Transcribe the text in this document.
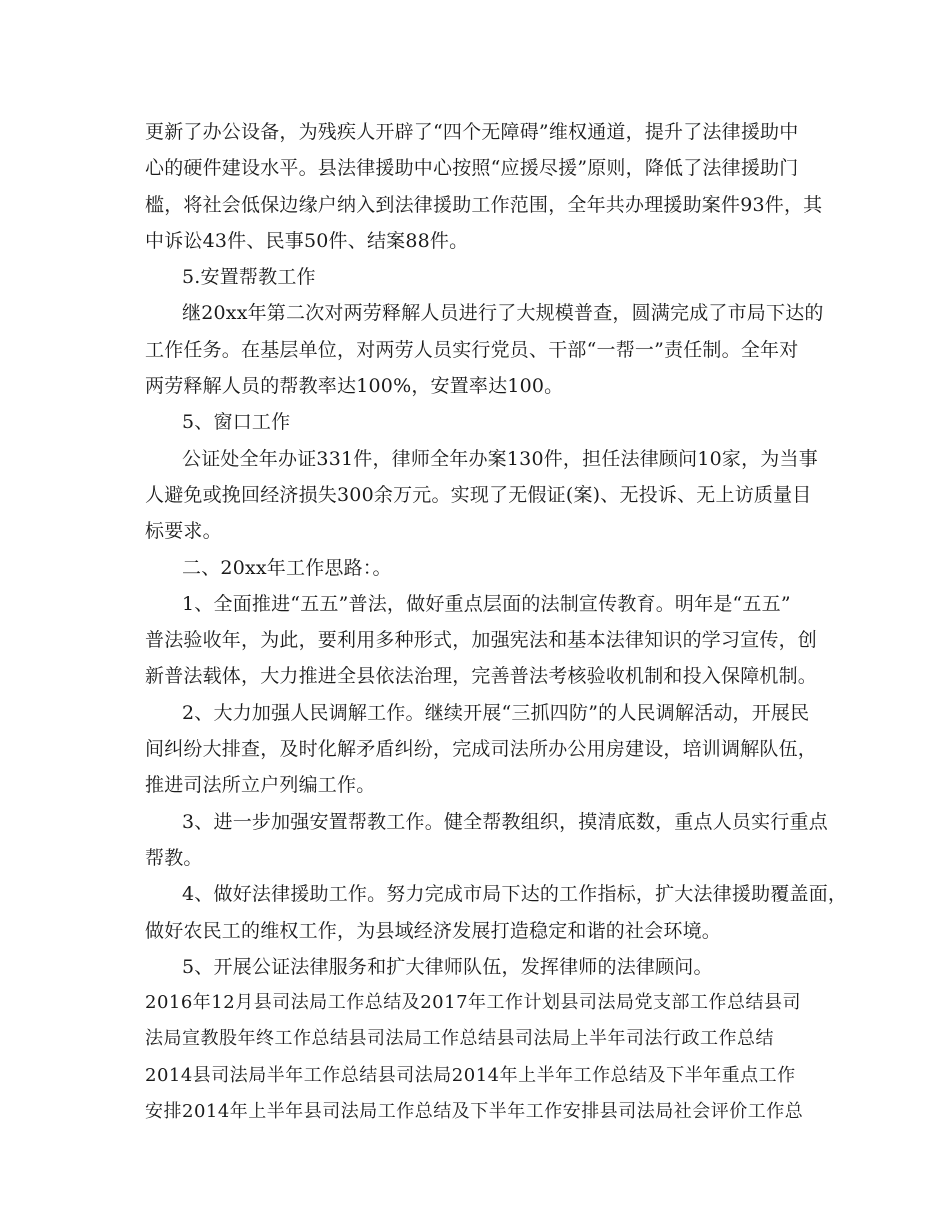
更新了办公设备，为残疾人开辟了“四个无障碍”维权通道，提升了法律援助中
心的硬件建设水平。县法律援助中心按照“应援尽援”原则，降低了法律援助门
槛，将社会低保边缘户纳入到法律援助工作范围，全年共办理援助案件93件，其
中诉讼43件、民事50件、结案88件。
5.安置帮教工作
继20xx年第二次对两劳释解人员进行了大规模普查，圆满完成了市局下达的
工作任务。在基层单位，对两劳人员实行党员、干部“一帮一”责任制。全年对
两劳释解人员的帮教率达100%，安置率达100。
5、窗口工作
公证处全年办证331件，律师全年办案130件，担任法律顾问10家，为当事
人避免或挽回经济损失300余万元。实现了无假证(案)、无投诉、无上访质量目
标要求。
二、20xx年工作思路：。
1、全面推进“五五”普法，做好重点层面的法制宣传教育。明年是“五五”
普法验收年，为此，要利用多种形式，加强宪法和基本法律知识的学习宣传，创
新普法载体，大力推进全县依法治理，完善普法考核验收机制和投入保障机制。
2、大力加强人民调解工作。继续开展“三抓四防”的人民调解活动，开展民
间纠纷大排查，及时化解矛盾纠纷，完成司法所办公用房建设，培训调解队伍，
推进司法所立户列编工作。
3、进一步加强安置帮教工作。健全帮教组织，摸清底数，重点人员实行重点
帮教。
4、做好法律援助工作。努力完成市局下达的工作指标，扩大法律援助覆盖面，
做好农民工的维权工作，为县域经济发展打造稳定和谐的社会环境。
5、开展公证法律服务和扩大律师队伍，发挥律师的法律顾问。
2016年12月县司法局工作总结及2017年工作计划县司法局党支部工作总结县司
法局宣教股年终工作总结县司法局工作总结县司法局上半年司法行政工作总结
2014县司法局半年工作总结县司法局2014年上半年工作总结及下半年重点工作
安排2014年上半年县司法局工作总结及下半年工作安排县司法局社会评价工作总
